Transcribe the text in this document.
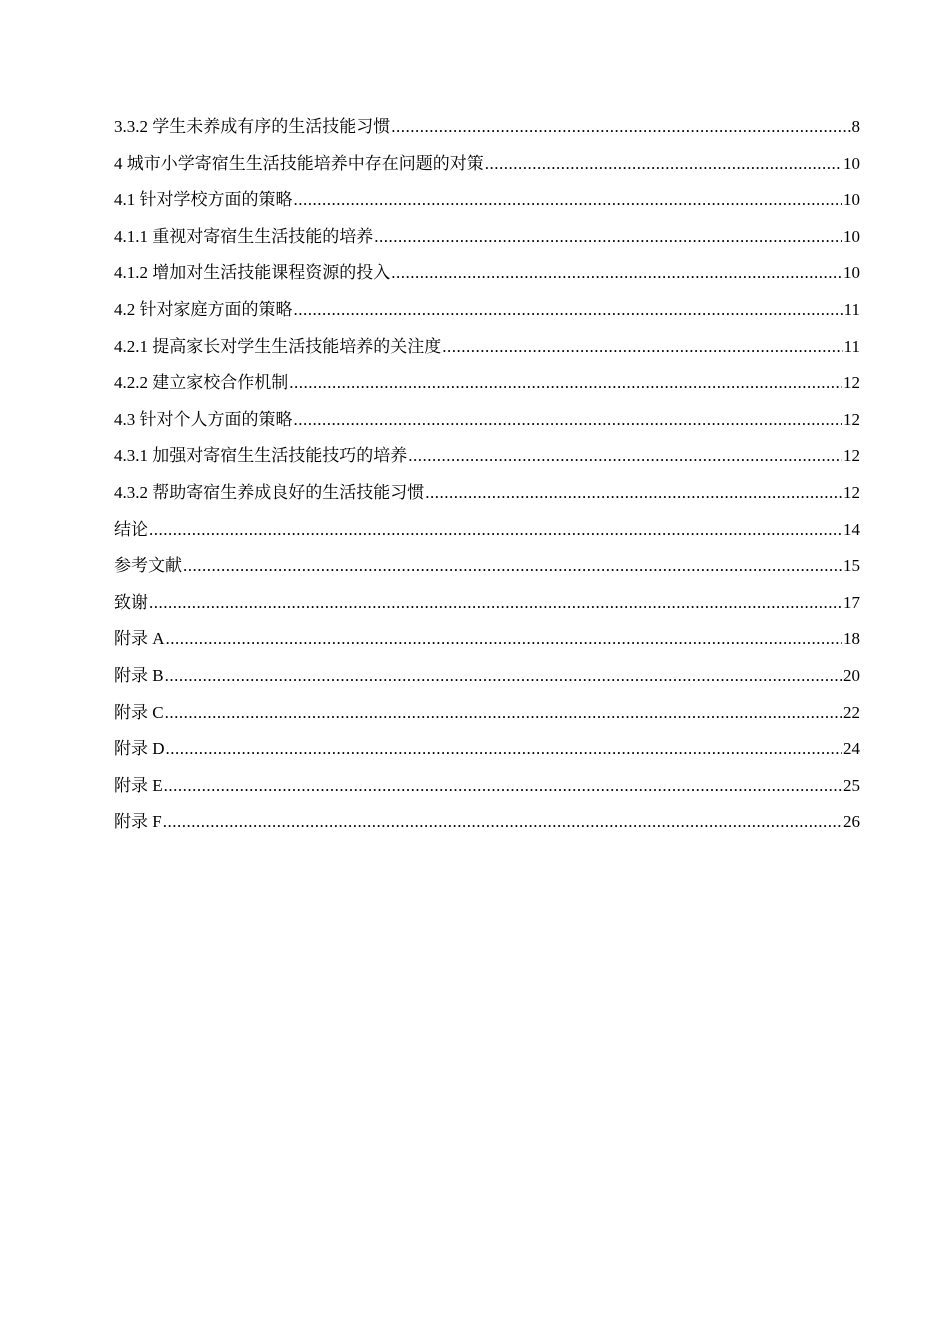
3.3.2 学生未养成有序的生活技能习惯 .....	8
4 城市小学寄宿生生活技能培养中存在问题的对策 .....	10
4.1 针对学校方面的策略 .....	10
4.1.1 重视对寄宿生生活技能的培养 .....	10
4.1.2 增加对生活技能课程资源的投入 .....	10
4.2 针对家庭方面的策略 .....	11
4.2.1 提高家长对学生生活技能培养的关注度 .....	11
4.2.2 建立家校合作机制 .....	12
4.3 针对个人方面的策略 .....	12
4.3.1 加强对寄宿生生活技能技巧的培养 .....	12
4.3.2 帮助寄宿生养成良好的生活技能习惯 .....	12
结论 .....	14
参考文献 .....	15
致谢 .....	17
附录 A .....	18
附录 B .....	20
附录 C .....	22
附录 D .....	24
附录 E .....	25
附录 F .....	26
